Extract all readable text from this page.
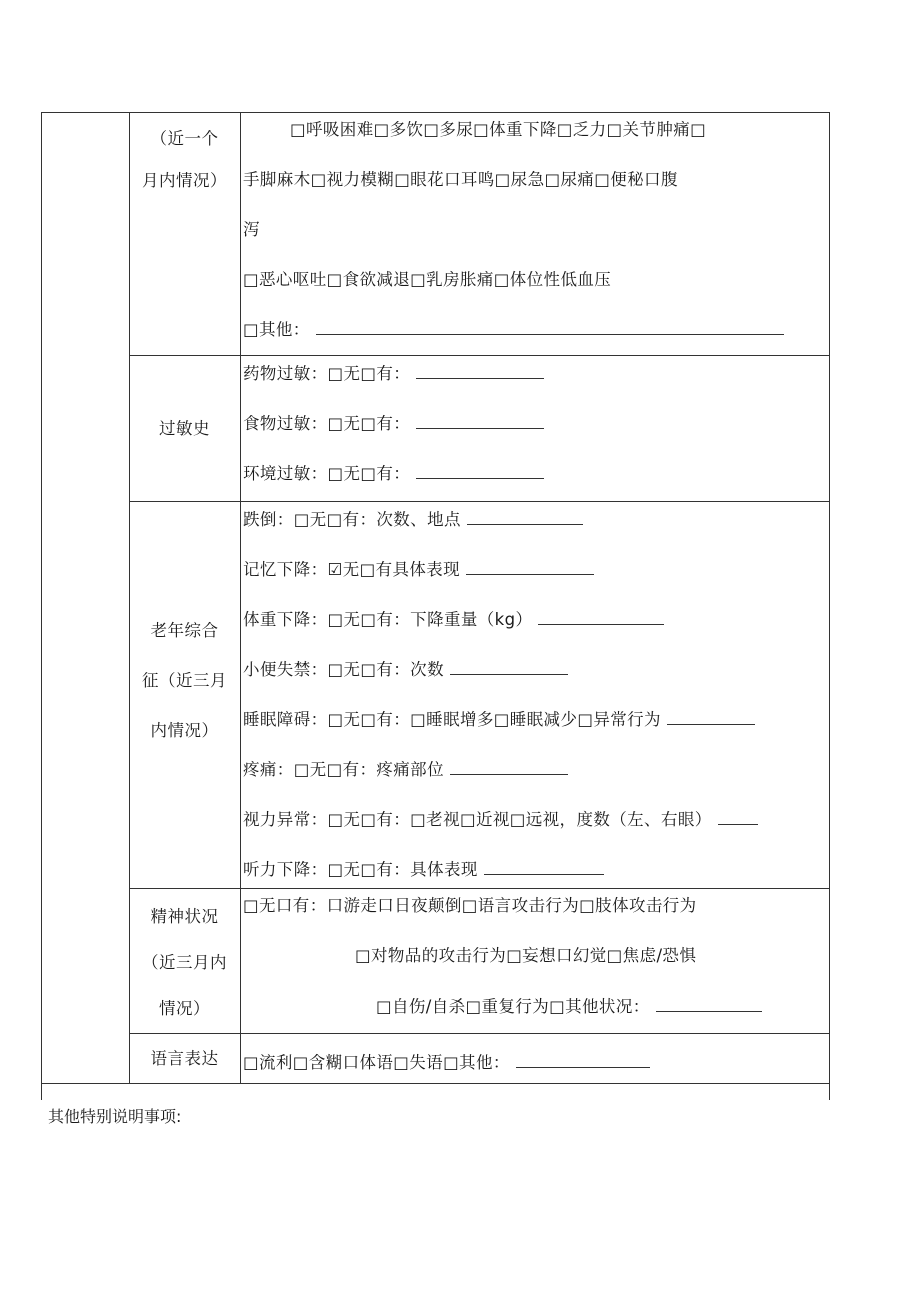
（近一个
月内情况）
□呼吸困难□多饮□多尿□体重下降□乏力□关节肿痛□
手脚麻木□视力模糊□眼花口耳鸣□尿急□尿痛□便秘口腹
泻
□恶心呕吐□食欲减退□乳房胀痛□体位性低血压
□其他：
过敏史
药物过敏：□无□有：
食物过敏：□无□有：
环境过敏：□无□有：
老年综合
征（近三月
内情况）
跌倒：□无□有：次数、地点
记忆下降：☑无□有具体表现
体重下降：□无□有：下降重量（kg）
小便失禁：□无□有：次数
睡眠障碍：□无□有：□睡眠增多□睡眠减少□异常行为
疼痛：□无□有：疼痛部位
视力异常：□无□有：□老视□近视□远视，度数（左、右眼）
听力下降：□无□有：具体表现
精神状况
（近三月内
情况）
□无口有：口游走口日夜颠倒□语言攻击行为□肢体攻击行为
□对物品的攻击行为□妄想口幻觉□焦虑/恐惧
□自伤/自杀□重复行为□其他状况：
语言表达 □流利□含糊口体语□失语□其他：
其他特别说明事项:
